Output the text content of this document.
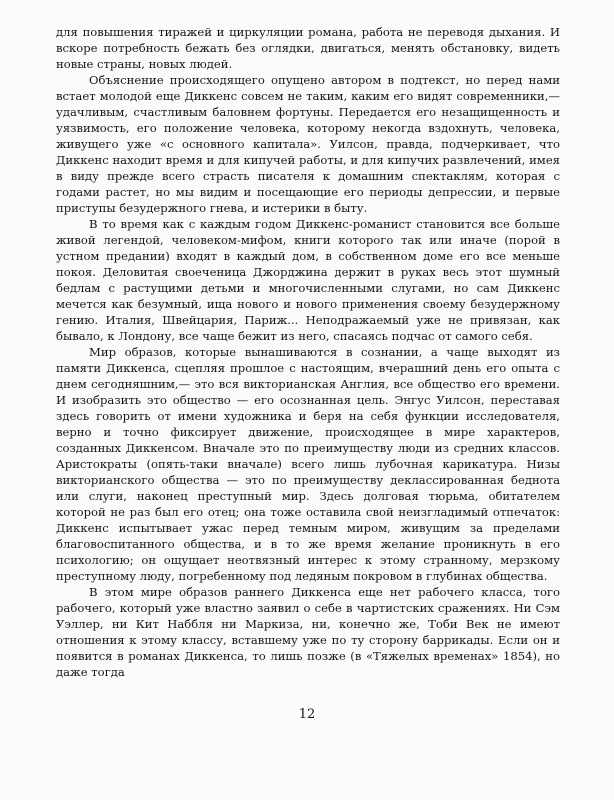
для повышения тиражей и циркуляции романа, работа не переводя дыхания. И вскоре потребность бежать без оглядки, двигаться, менять обстановку, видеть новые страны, новых людей.

Объяснение происходящего опущено автором в подтекст, но перед нами встает молодой еще Диккенс совсем не таким, каким его видят современники,— удачливым, счастливым баловнем фортуны. Передается его незащищенность и уязвимость, его положение человека, которому некогда вздохнуть, человека, живущего уже «с основного капитала». Уилсон, правда, подчеркивает, что Диккенс находит время и для кипучей работы, и для кипучих развлечений, имея в виду прежде всего страсть писателя к домашним спектаклям, которая с годами растет, но мы видим и посещающие его периоды депрессии, и первые приступы безудержного гнева, и истерики в быту.

В то время как с каждым годом Диккенс-романист становится все больше живой легендой, человеком-мифом, книги которого так или иначе (порой в устном предании) входят в каждый дом, в собственном доме его все меньше покоя. Деловитая своеченица Джорджина держит в руках весь этот шумный бедлам с растущими детьми и многочисленными слугами, но сам Диккенс мечется как безумный, ища нового и нового применения своему безудержному гению. Италия, Швейцария, Париж... Неподражаемый уже не привязан, как бывало, к Лондону, все чаще бежит из него, спасаясь подчас от самого себя.

Мир образов, которые вынашиваются в сознании, а чаще выходят из памяти Диккенса, сцепляя прошлое с настоящим, вчерашний день его опыта с днем сегодняшним,— это вся викторианская Англия, все общество его времени. И изобразить это общество — его осознанная цель. Энгус Уилсон, переставая здесь говорить от имени художника и беря на себя функции исследователя, верно и точно фиксирует движение, происходящее в мире характеров, созданных Диккенсом. Вначале это по преимуществу люди из средних классов. Аристократы (опять-таки вначале) всего лишь лубочная карикатура. Низы викторианского общества — это по преимуществу деклассированная беднота или слуги, наконец преступный мир. Здесь долговая тюрьма, обитателем которой не раз был его отец; она тоже оставила свой неизгладимый отпечаток: Диккенс испытывает ужас перед темным миром, живущим за пределами благовоспитанного общества, и в то же время желание проникнуть в его психологию; он ощущает неотвязный интерес к этому странному, мерзкому преступному люду, погребенному под ледяным покровом в глубинах общества.

В этом мире образов раннего Диккенса еще нет рабочего класса, того рабочего, который уже властно заявил о себе в чартистских сражениях. Ни Сэм Уэллер, ни Кит Наббля ни Маркиза, ни, конечно же, Тоби Век не имеют отношения к этому классу, вставшему уже по ту сторону баррикады. Если он и появится в романах Диккенса, то лишь позже (в «Тяжелых временах» 1854), но даже тогда

12
